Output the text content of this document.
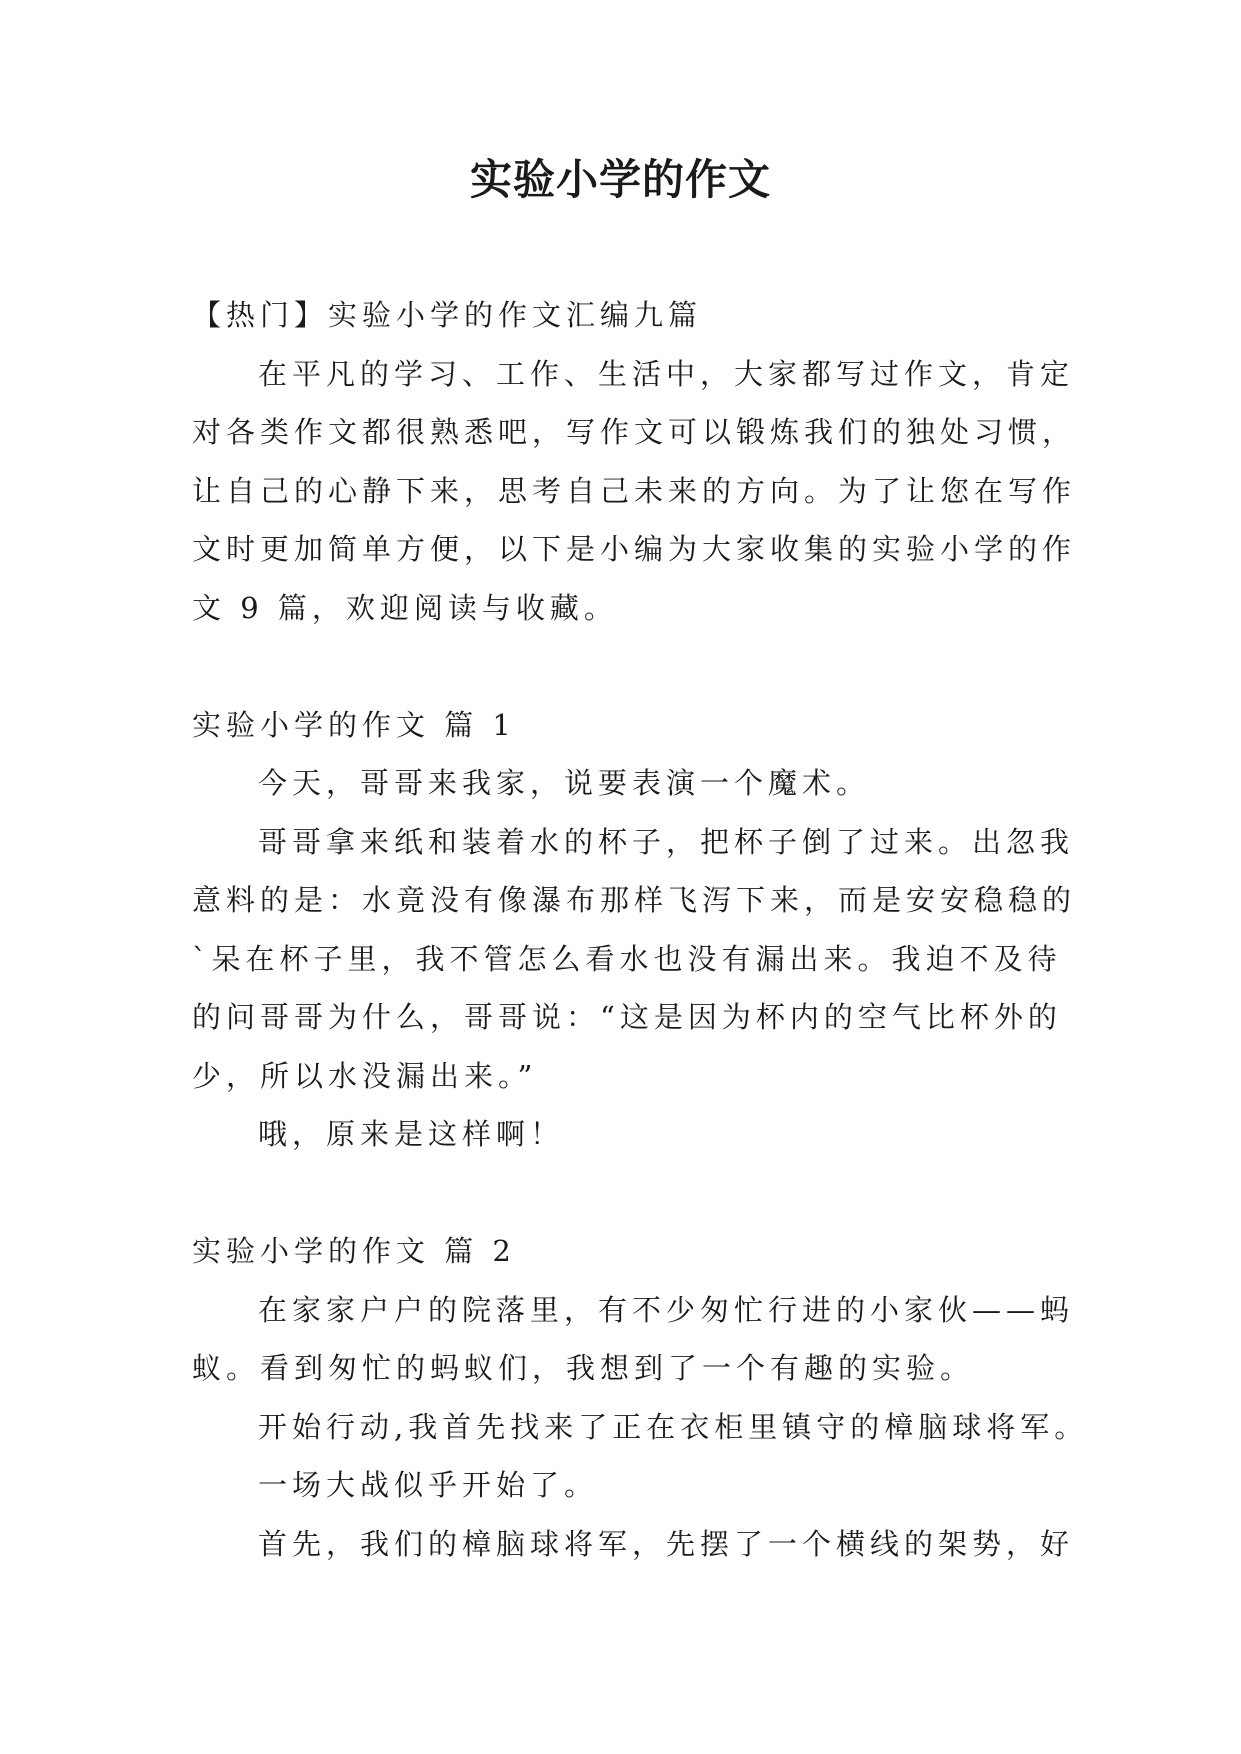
实验小学的作文
【热门】实验小学的作文汇编九篇
在平凡的学习、工作、生活中，大家都写过作文，肯定
对各类作文都很熟悉吧，写作文可以锻炼我们的独处习惯，
让自己的心静下来，思考自己未来的方向。为了让您在写作
文时更加简单方便，以下是小编为大家收集的实验小学的作
文 9 篇，欢迎阅读与收藏。
实验小学的作文 篇 1
今天，哥哥来我家，说要表演一个魔术。
哥哥拿来纸和装着水的杯子，把杯子倒了过来。出忽我
意料的是：水竟没有像瀑布那样飞泻下来，而是安安稳稳的
`呆在杯子里，我不管怎么看水也没有漏出来。我迫不及待
的问哥哥为什么，哥哥说：“这是因为杯内的空气比杯外的
少，所以水没漏出来。”
哦，原来是这样啊！
实验小学的作文 篇 2
在家家户户的院落里，有不少匆忙行进的小家伙——蚂
蚁。看到匆忙的蚂蚁们，我想到了一个有趣的实验。
开始行动,我首先找来了正在衣柜里镇守的樟脑球将军。
一场大战似乎开始了。
首先，我们的樟脑球将军，先摆了一个横线的架势，好
